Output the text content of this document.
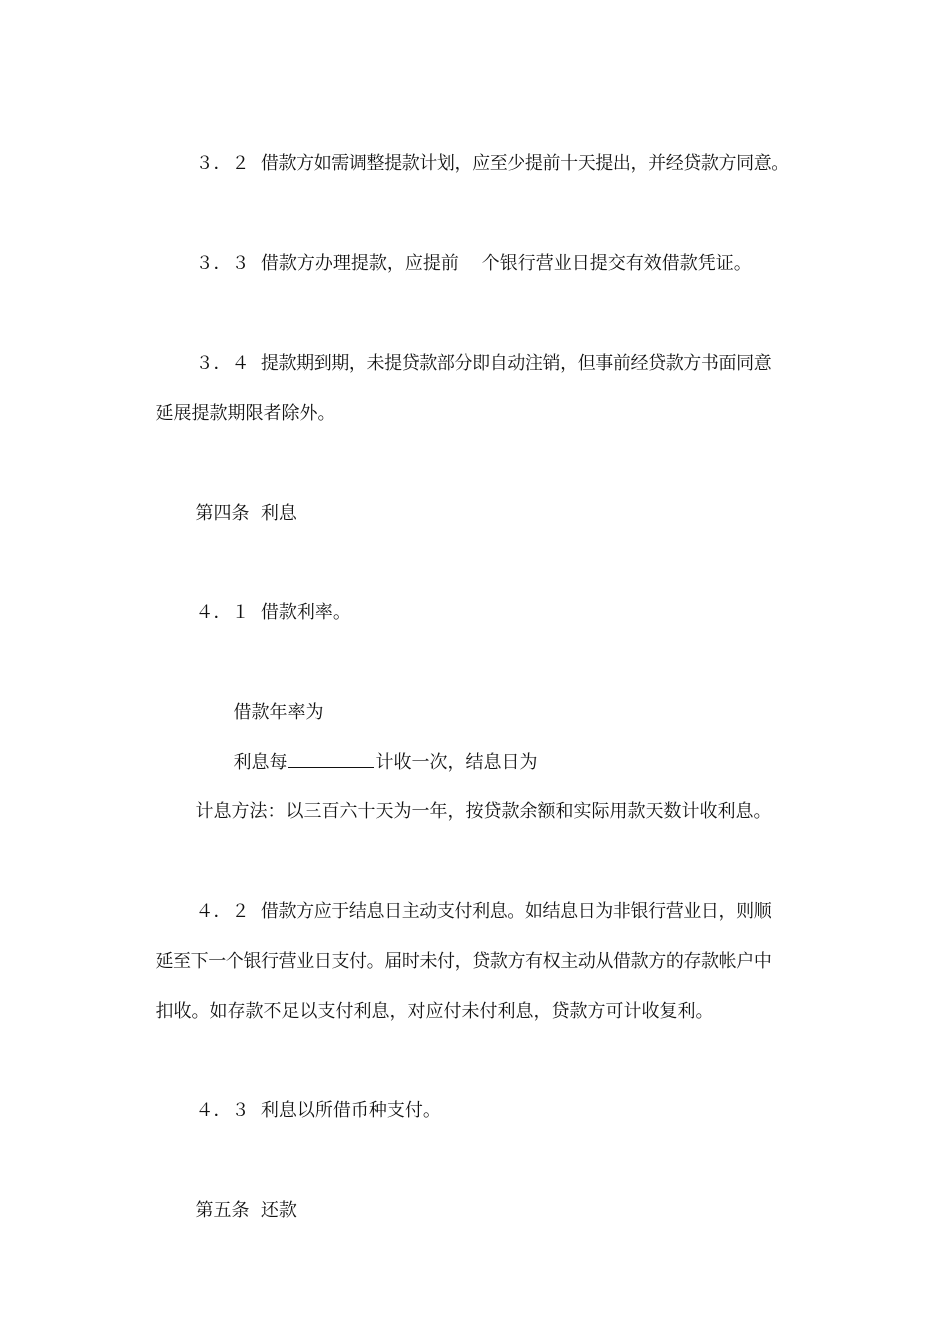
３．２ 借款方如需调整提款计划，应至少提前十天提出，并经贷款方同意。

３．３ 借款方办理提款，应提前 个银行营业日提交有效借款凭证。

３．４ 提款期到期，未提贷款部分即自动注销，但事前经贷款方书面同意

延展提款期限者除外。

第四条 利息

４．１ 借款利率。

借款年率为

利息每	计收一次，结息日为

计息方法：以三百六十天为一年，按贷款余额和实际用款天数计收利息。

４．２ 借款方应于结息日主动支付利息。如结息日为非银行营业日，则顺

延至下一个银行营业日支付。届时未付，贷款方有权主动从借款方的存款帐户中

扣收。如存款不足以支付利息，对应付未付利息，贷款方可计收复利。

４．３ 利息以所借币种支付。

第五条 还款
